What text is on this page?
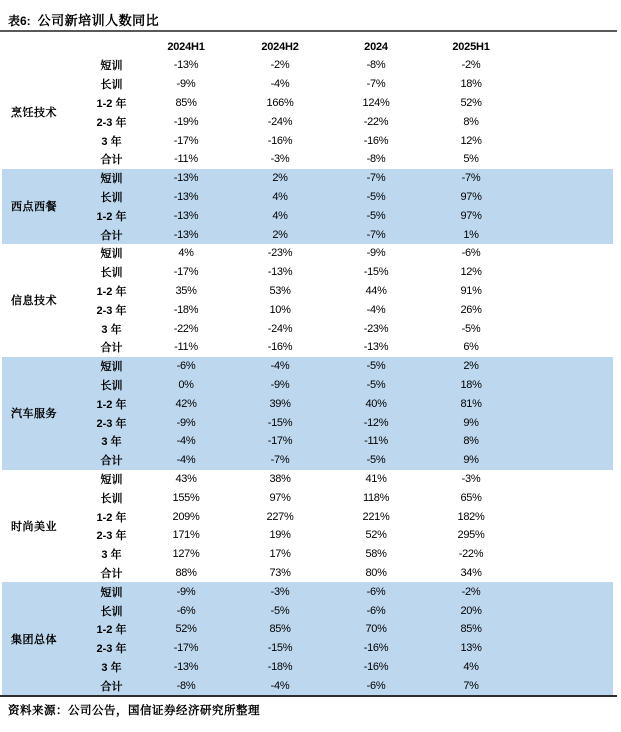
表6: 公司新培训人数同比
2024H1	2024H2	2024	2025H1
烹饪技术
短训	-13%	-2%	-8%	-2%
长训	-9%	-4%	-7%	18%
1-2 年	85%	166%	124%	52%
2-3 年	-19%	-24%	-22%	8%
3 年	-17%	-16%	-16%	12%
合计	-11%	-3%	-8%	5%
西点西餐
短训	-13%	2%	-7%	-7%
长训	-13%	4%	-5%	97%
1-2 年	-13%	4%	-5%	97%
合计	-13%	2%	-7%	1%
信息技术
短训	4%	-23%	-9%	-6%
长训	-17%	-13%	-15%	12%
1-2 年	35%	53%	44%	91%
2-3 年	-18%	10%	-4%	26%
3 年	-22%	-24%	-23%	-5%
合计	-11%	-16%	-13%	6%
汽车服务
短训	-6%	-4%	-5%	2%
长训	0%	-9%	-5%	18%
1-2 年	42%	39%	40%	81%
2-3 年	-9%	-15%	-12%	9%
3 年	-4%	-17%	-11%	8%
合计	-4%	-7%	-5%	9%
时尚美业
短训	43%	38%	41%	-3%
长训	155%	97%	118%	65%
1-2 年	209%	227%	221%	182%
2-3 年	171%	19%	52%	295%
3 年	127%	17%	58%	-22%
合计	88%	73%	80%	34%
集团总体
短训	-9%	-3%	-6%	-2%
长训	-6%	-5%	-6%	20%
1-2 年	52%	85%	70%	85%
2-3 年	-17%	-15%	-16%	13%
3 年	-13%	-18%	-16%	4%
合计	-8%	-4%	-6%	7%
资料来源：公司公告，国信证券经济研究所整理
